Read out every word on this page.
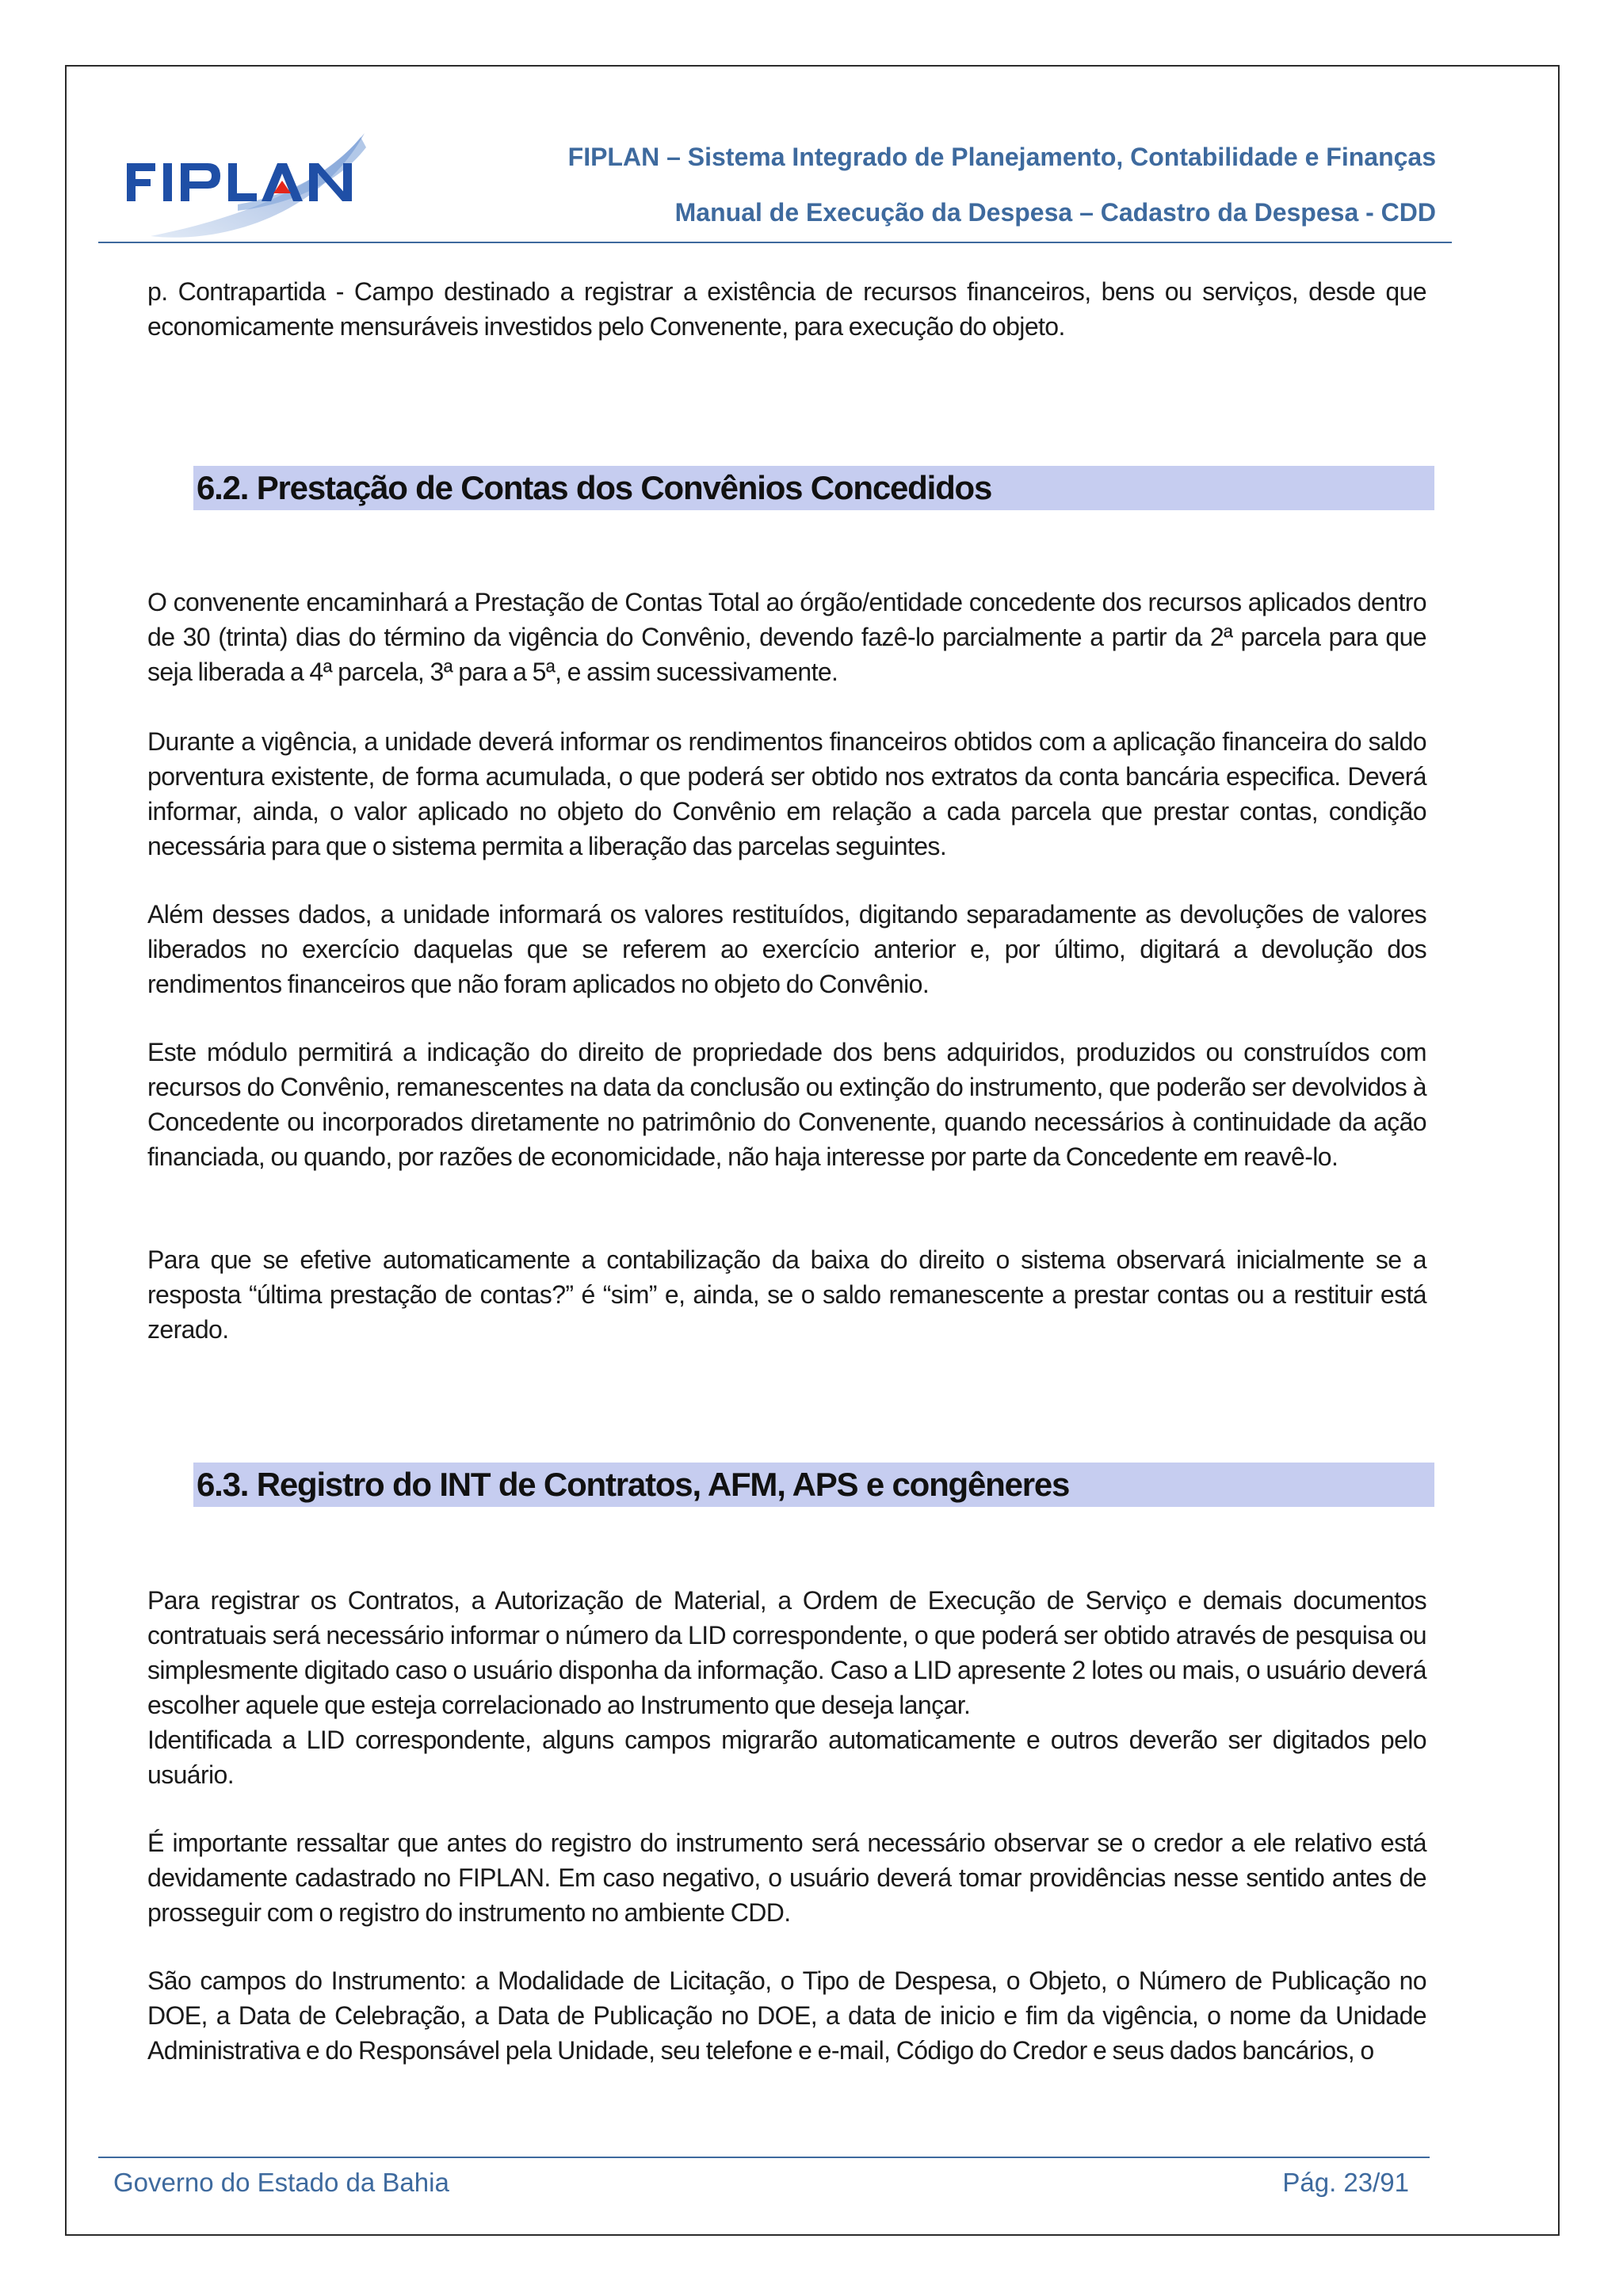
FIPLAN – Sistema Integrado de Planejamento, Contabilidade e Finanças
Manual de Execução da Despesa – Cadastro da Despesa - CDD

p. Contrapartida - Campo destinado a registrar a existência de recursos financeiros, bens ou serviços, desde que economicamente mensuráveis investidos pelo Convenente, para execução do objeto.

6.2. Prestação de Contas dos Convênios Concedidos

O convenente encaminhará a Prestação de Contas Total ao órgão/entidade concedente dos recursos aplicados dentro de 30 (trinta) dias do término da vigência do Convênio, devendo fazê-lo parcialmente a partir da 2ª parcela para que seja liberada a 4ª parcela, 3ª para a 5ª, e assim sucessivamente.

Durante a vigência, a unidade deverá informar os rendimentos financeiros obtidos com a aplicação financeira do saldo porventura existente, de forma acumulada, o que poderá ser obtido nos extratos da conta bancária especifica. Deverá informar, ainda, o valor aplicado no objeto do Convênio em relação a cada parcela que prestar contas, condição necessária para que o sistema permita a liberação das parcelas seguintes.

Além desses dados, a unidade informará os valores restituídos, digitando separadamente as devoluções de valores liberados no exercício daquelas que se referem ao exercício anterior e, por último, digitará a devolução dos rendimentos financeiros que não foram aplicados no objeto do Convênio.

Este módulo permitirá a indicação do direito de propriedade dos bens adquiridos, produzidos ou construídos com recursos do Convênio, remanescentes na data da conclusão ou extinção do instrumento, que poderão ser devolvidos à Concedente ou incorporados diretamente no patrimônio do Convenente, quando necessários à continuidade da ação financiada, ou quando, por razões de economicidade, não haja interesse por parte da Concedente em reavê-lo.

Para que se efetive automaticamente a contabilização da baixa do direito o sistema observará inicialmente se a resposta “última prestação de contas?” é “sim” e, ainda, se o saldo remanescente a prestar contas ou a restituir está zerado.

6.3. Registro do INT de Contratos, AFM, APS e congêneres

Para registrar os Contratos, a Autorização de Material, a Ordem de Execução de Serviço e demais documentos contratuais será necessário informar o número da LID correspondente, o que poderá ser obtido através de pesquisa ou simplesmente digitado caso o usuário disponha da informação. Caso a LID apresente 2 lotes ou mais, o usuário deverá escolher aquele que esteja correlacionado ao Instrumento que deseja lançar.

Identificada a LID correspondente, alguns campos migrarão automaticamente e outros deverão ser digitados pelo usuário.

É importante ressaltar que antes do registro do instrumento será necessário observar se o credor a ele relativo está devidamente cadastrado no FIPLAN. Em caso negativo, o usuário deverá tomar providências nesse sentido antes de prosseguir com o registro do instrumento no ambiente CDD.

São campos do Instrumento: a Modalidade de Licitação, o Tipo de Despesa, o Objeto, o Número de Publicação no DOE, a Data de Celebração, a Data de Publicação no DOE, a data de inicio e fim da vigência, o nome da Unidade Administrativa e do Responsável pela Unidade, seu telefone e e-mail, Código do Credor e seus dados bancários, o

Governo do Estado da Bahia	Pág. 23/91
